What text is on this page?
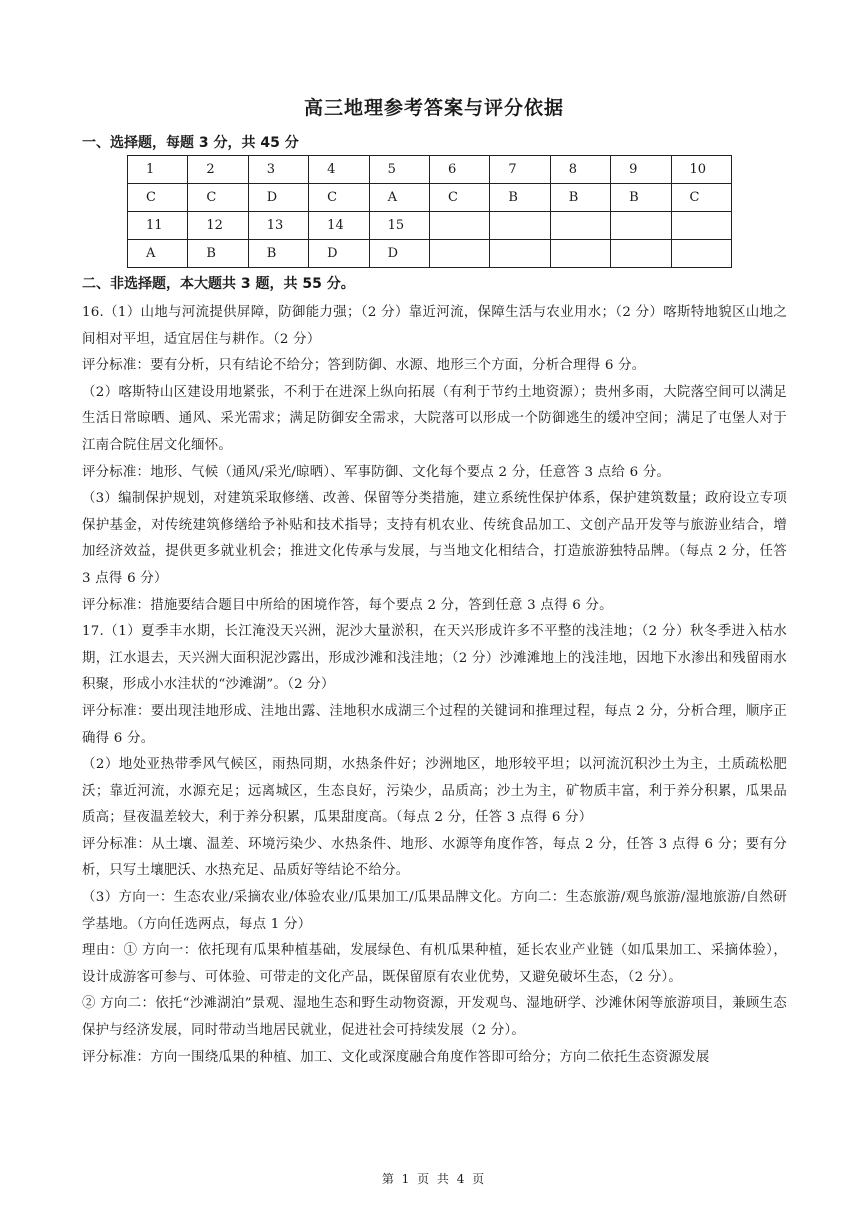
高三地理参考答案与评分依据
一、选择题，每题 3 分，共 45 分
1	2	3	4	5	6	7	8	9	10
C	C	D	C	A	C	B	B	B	C
11	12	13	14	15					
A	B	B	D	D					
二、非选择题，本大题共 3 题，共 55 分。

16.（1）山地与河流提供屏障，防御能力强；（2 分）靠近河流，保障生活与农业用水；（2 分）喀斯特地貌区山地之间相对平坦，适宜居住与耕作。（2 分）

评分标准：要有分析，只有结论不给分；答到防御、水源、地形三个方面，分析合理得 6 分。

（2）喀斯特山区建设用地紧张，不利于在进深上纵向拓展（有利于节约土地资源）；贵州多雨，大院落空间可以满足生活日常晾晒、通风、采光需求；满足防御安全需求，大院落可以形成一个防御逃生的缓冲空间；满足了屯堡人对于江南合院住居文化缅怀。

评分标准：地形、气候（通风/采光/晾晒）、军事防御、文化每个要点 2 分，任意答 3 点给 6 分。

（3）编制保护规划，对建筑采取修缮、改善、保留等分类措施，建立系统性保护体系，保护建筑数量；政府设立专项保护基金，对传统建筑修缮给予补贴和技术指导；支持有机农业、传统食品加工、文创产品开发等与旅游业结合，增加经济效益，提供更多就业机会；推进文化传承与发展，与当地文化相结合，打造旅游独特品牌。（每点 2 分，任答 3 点得 6 分）

评分标准：措施要结合题目中所给的困境作答，每个要点 2 分，答到任意 3 点得 6 分。

17.（1）夏季丰水期，长江淹没天兴洲，泥沙大量淤积，在天兴形成许多不平整的浅洼地；（2 分）秋冬季进入枯水期，江水退去，天兴洲大面积泥沙露出，形成沙滩和浅洼地；（2 分）沙滩滩地上的浅洼地，因地下水渗出和残留雨水积聚，形成小水洼状的“沙滩湖”。（2 分）

评分标准：要出现洼地形成、洼地出露、洼地积水成湖三个过程的关键词和推理过程，每点 2 分，分析合理，顺序正确得 6 分。

（2）地处亚热带季风气候区，雨热同期，水热条件好；沙洲地区，地形较平坦；以河流沉积沙土为主，土质疏松肥沃；靠近河流，水源充足；远离城区，生态良好，污染少，品质高；沙土为主，矿物质丰富，利于养分积累，瓜果品质高；昼夜温差较大，利于养分积累，瓜果甜度高。（每点 2 分，任答 3 点得 6 分）

评分标准：从土壤、温差、环境污染少、水热条件、地形、水源等角度作答，每点 2 分，任答 3 点得 6 分；要有分析，只写土壤肥沃、水热充足、品质好等结论不给分。

（3）方向一：生态农业/采摘农业/体验农业/瓜果加工/瓜果品牌文化。方向二：生态旅游/观鸟旅游/湿地旅游/自然研学基地。（方向任选两点，每点 1 分）

理由：① 方向一：依托现有瓜果种植基础，发展绿色、有机瓜果种植，延长农业产业链（如瓜果加工、采摘体验），设计成游客可参与、可体验、可带走的文化产品，既保留原有农业优势，又避免破坏生态，（2 分）。

② 方向二：依托“沙滩湖泊”景观、湿地生态和野生动物资源，开发观鸟、湿地研学、沙滩休闲等旅游项目，兼顾生态保护与经济发展，同时带动当地居民就业，促进社会可持续发展（2 分）。

评分标准：方向一围绕瓜果的种植、加工、文化或深度融合角度作答即可给分；方向二依托生态资源发展

第 1 页 共 4 页
